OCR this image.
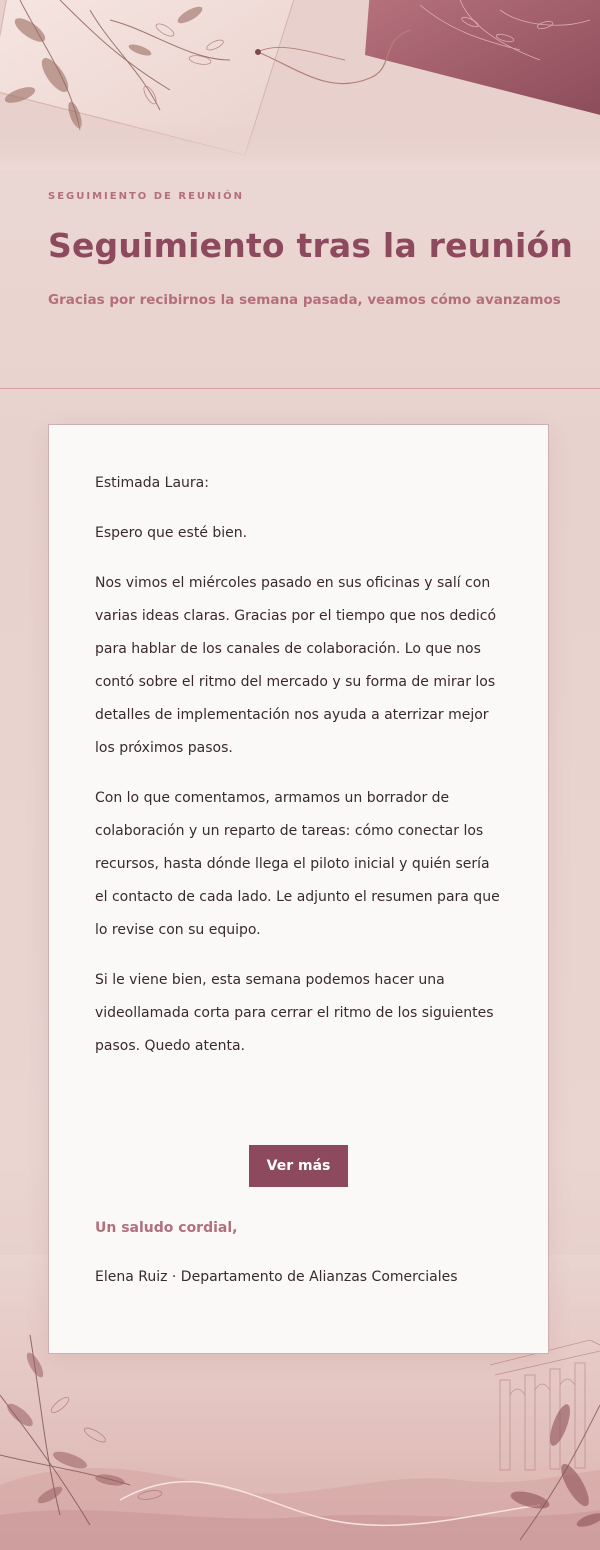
SEGUIMIENTO DE REUNIÓN
Seguimiento tras la reunión
Gracias por recibirnos la semana pasada, veamos cómo avanzamos

Estimada Laura:

Espero que esté bien.

Nos vimos el miércoles pasado en sus oficinas y salí con varias ideas claras. Gracias por el tiempo que nos dedicó para hablar de los canales de colaboración. Lo que nos contó sobre el ritmo del mercado y su forma de mirar los detalles de implementación nos ayuda a aterrizar mejor los próximos pasos.

Con lo que comentamos, armamos un borrador de colaboración y un reparto de tareas: cómo conectar los recursos, hasta dónde llega el piloto inicial y quién sería el contacto de cada lado. Le adjunto el resumen para que lo revise con su equipo.

Si le viene bien, esta semana podemos hacer una videollamada corta para cerrar el ritmo de los siguientes pasos. Quedo atenta.

Ver más
Un saludo cordial,
Elena Ruiz · Departamento de Alianzas Comerciales
